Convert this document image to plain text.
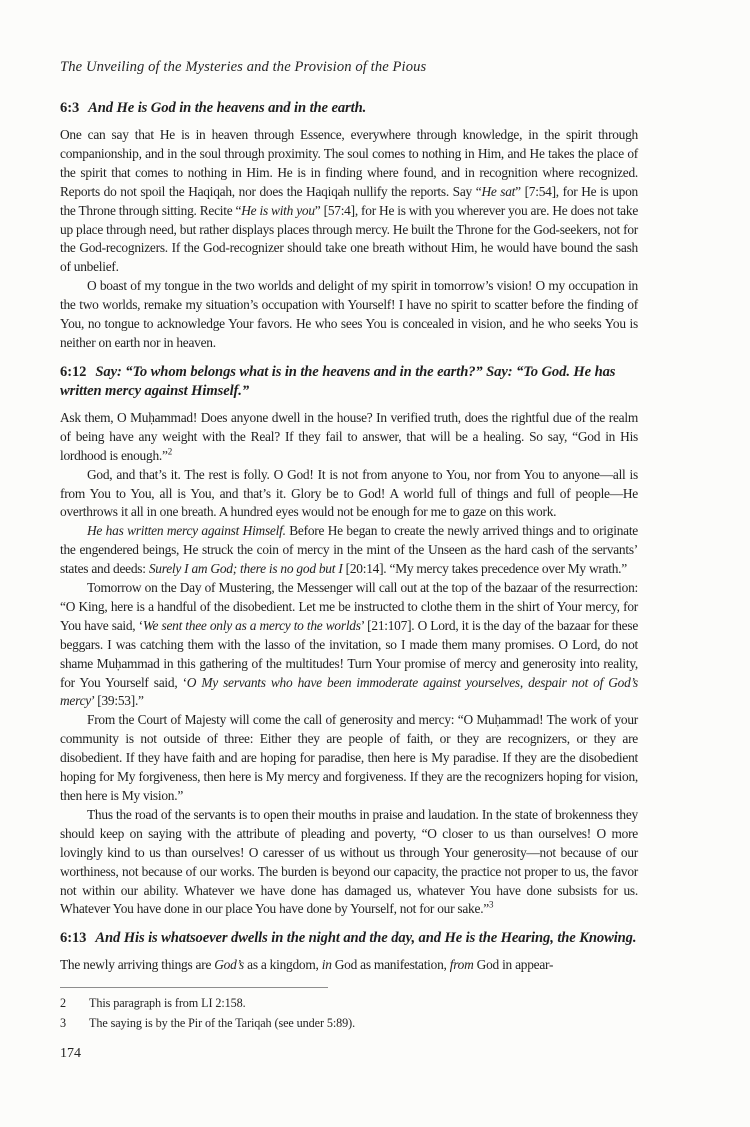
The Unveiling of the Mysteries and the Provision of the Pious
6:3 And He is God in the heavens and in the earth.

One can say that He is in heaven through Essence, everywhere through knowledge, in the spirit through companionship, and in the soul through proximity. The soul comes to nothing in Him, and He takes the place of the spirit that comes to nothing in Him. He is in finding where found, and in recognition where recognized. Reports do not spoil the Haqiqah, nor does the Haqiqah nullify the reports. Say “He sat” [7:54], for He is upon the Throne through sitting. Recite “He is with you” [57:4], for He is with you wherever you are. He does not take up place through need, but rather displays places through mercy. He built the Throne for the God-seekers, not for the God-recognizers. If the God-recognizer should take one breath without Him, he would have bound the sash of unbelief.

O boast of my tongue in the two worlds and delight of my spirit in tomorrow’s vision! O my occupation in the two worlds, remake my situation’s occupation with Yourself! I have no spirit to scatter before the finding of You, no tongue to acknowledge Your favors. He who sees You is concealed in vision, and he who seeks You is neither on earth nor in heaven.

6:12 Say: “To whom belongs what is in the heavens and in the earth?” Say: “To God. He has written mercy against Himself.”

Ask them, O Muḥammad! Does anyone dwell in the house? In verified truth, does the rightful due of the realm of being have any weight with the Real? If they fail to answer, that will be a healing. So say, “God in His lordhood is enough.”$^2$

God, and that’s it. The rest is folly. O God! It is not from anyone to You, nor from You to anyone—all is from You to You, all is You, and that’s it. Glory be to God! A world full of things and full of people—He overthrows it all in one breath. A hundred eyes would not be enough for me to gaze on this work.

He has written mercy against Himself. Before He began to create the newly arrived things and to originate the engendered beings, He struck the coin of mercy in the mint of the Unseen as the hard cash of the servants’ states and deeds: Surely I am God; there is no god but I [20:14]. “My mercy takes precedence over My wrath.”

Tomorrow on the Day of Mustering, the Messenger will call out at the top of the bazaar of the resurrection: “O King, here is a handful of the disobedient. Let me be instructed to clothe them in the shirt of Your mercy, for You have said, ‘We sent thee only as a mercy to the worlds’ [21:107]. O Lord, it is the day of the bazaar for these beggars. I was catching them with the lasso of the invitation, so I made them many promises. O Lord, do not shame Muḥammad in this gathering of the multitudes! Turn Your promise of mercy and generosity into reality, for You Yourself said, ‘O My servants who have been immoderate against yourselves, despair not of God’s mercy’ [39:53].”

From the Court of Majesty will come the call of generosity and mercy: “O Muḥammad! The work of your community is not outside of three: Either they are people of faith, or they are recognizers, or they are disobedient. If they have faith and are hoping for paradise, then here is My paradise. If they are the disobedient hoping for My forgiveness, then here is My mercy and forgiveness. If they are the recognizers hoping for vision, then here is My vision.”

Thus the road of the servants is to open their mouths in praise and laudation. In the state of brokenness they should keep on saying with the attribute of pleading and poverty, “O closer to us than ourselves! O more lovingly kind to us than ourselves! O caresser of us without us through Your generosity—not because of our worthiness, not because of our works. The burden is beyond our capacity, the practice not proper to us, the favor not within our ability. Whatever we have done has damaged us, whatever You have done subsists for us. Whatever You have done in our place You have done by Yourself, not for our sake.”$^3$

6:13 And His is whatsoever dwells in the night and the day, and He is the Hearing, the Knowing.

The newly arriving things are God’s as a kingdom, in God as manifestation, from God in appear-

2	This paragraph is from LI 2:158.
3	The saying is by the Pir of the Tariqah (see under 5:89).
174
